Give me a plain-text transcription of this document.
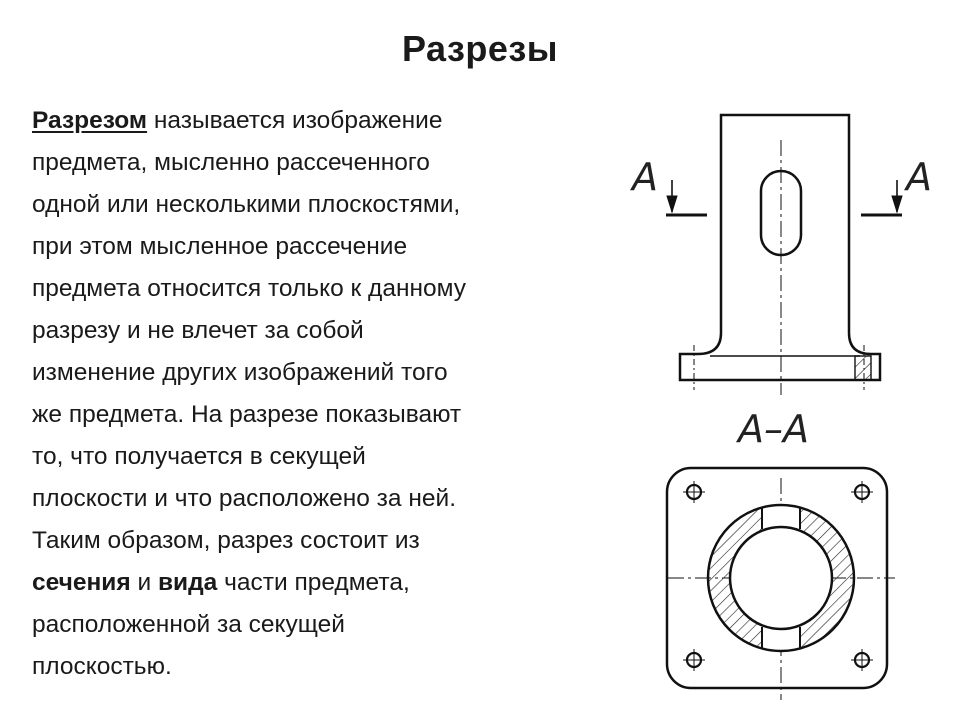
Разрезы
Разрезом называется изображение
предмета, мысленно рассеченного
одной или несколькими плоскостями,
при этом мысленное рассечение
предмета относится только к данному
разрезу и не влечет за собой
изменение других изображений того
же предмета. На разрезе показывают
то, что получается в секущей
плоскости и что расположено за ней.
Таким образом, разрез состоит из
сечения и вида части предмета,
расположенной за секущей
плоскостью.
А	А
А–А
